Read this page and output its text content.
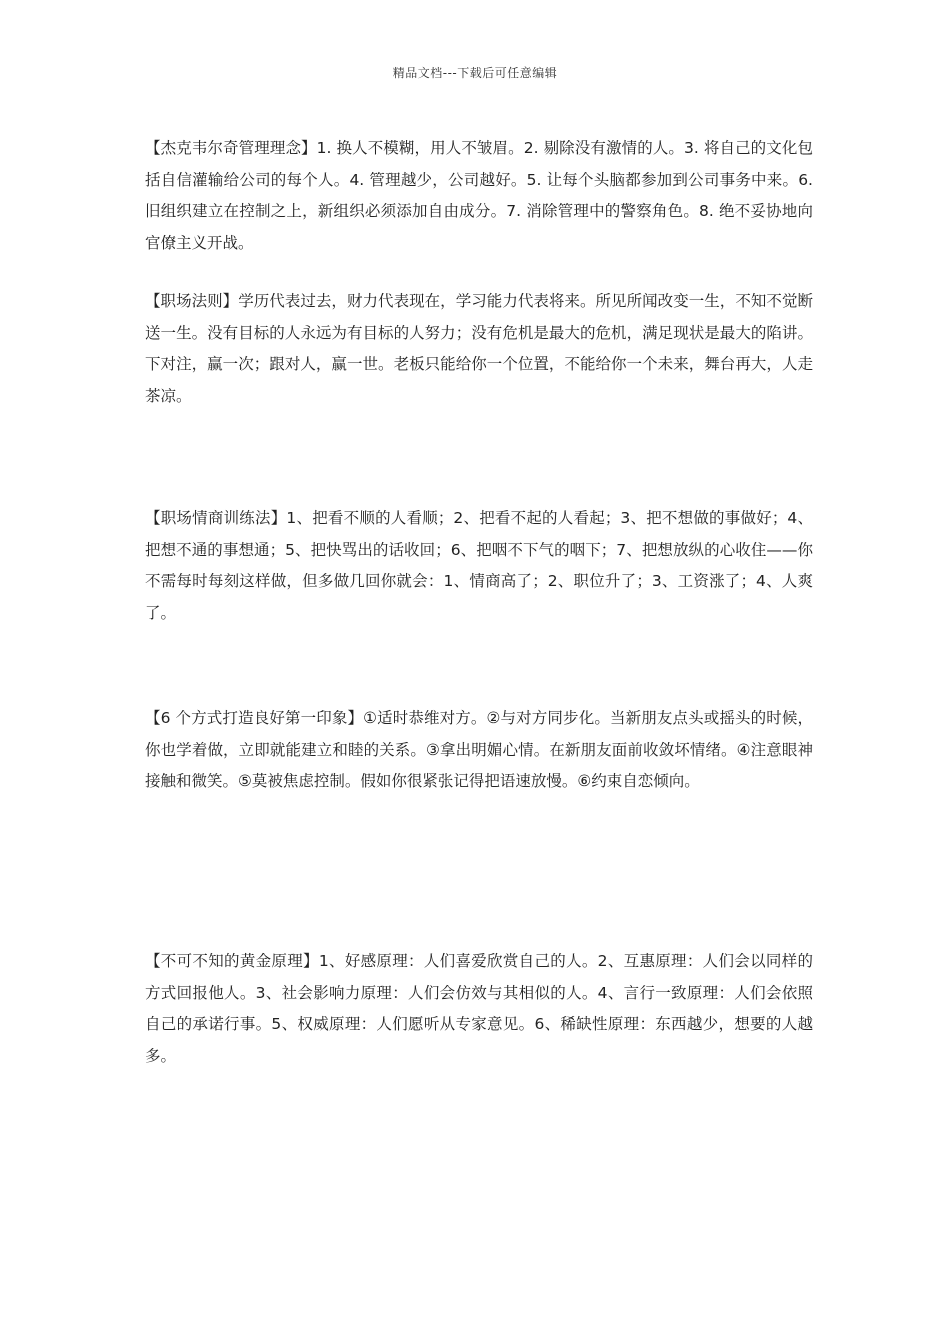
精品文档---下载后可任意编辑
【杰克韦尔奇管理理念】1. 换人不模糊，用人不皱眉。2. 剔除没有激情的人。3. 将自己的文化包括自信灌输给公司的每个人。4. 管理越少，公司越好。5. 让每个头脑都参加到公司事务中来。6. 旧组织建立在控制之上，新组织必须添加自由成分。7. 消除管理中的警察角色。8. 绝不妥协地向官僚主义开战。
【职场法则】学历代表过去，财力代表现在，学习能力代表将来。所见所闻改变一生，不知不觉断送一生。没有目标的人永远为有目标的人努力；没有危机是最大的危机，满足现状是最大的陷讲。下对注，赢一次；跟对人，赢一世。老板只能给你一个位置，不能给你一个未来，舞台再大，人走茶凉。
【职场情商训练法】1、把看不顺的人看顺；2、把看不起的人看起；3、把不想做的事做好；4、把想不通的事想通；5、把快骂出的话收回；6、把咽不下气的咽下；7、把想放纵的心收住——你不需每时每刻这样做，但多做几回你就会：1、情商高了；2、职位升了；3、工资涨了；4、人爽了。
【6 个方式打造良好第一印象】①适时恭维对方。②与对方同步化。当新朋友点头或摇头的时候，你也学着做，立即就能建立和睦的关系。③拿出明媚心情。在新朋友面前收敛坏情绪。④注意眼神接触和微笑。⑤莫被焦虑控制。假如你很紧张记得把语速放慢。⑥约束自恋倾向。
【不可不知的黄金原理】1、好感原理：人们喜爱欣赏自己的人。2、互惠原理：人们会以同样的方式回报他人。3、社会影响力原理：人们会仿效与其相似的人。4、言行一致原理：人们会依照自己的承诺行事。5、权威原理：人们愿听从专家意见。6、稀缺性原理：东西越少，想要的人越多。
